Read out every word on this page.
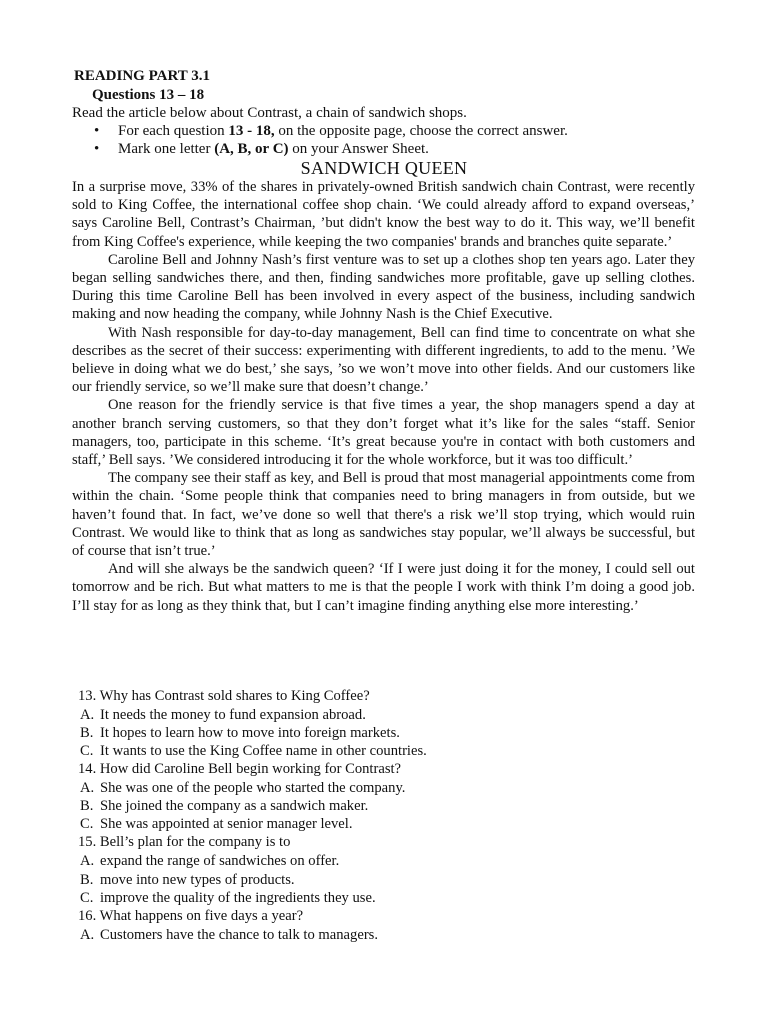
READING PART 3.1
Questions 13 – 18
Read the article below about Contrast, a chain of sandwich shops.
• For each question 13 - 18, on the opposite page, choose the correct answer.
• Mark one letter (A, B, or C) on your Answer Sheet.
SANDWICH QUEEN

In a surprise move, 33% of the shares in privately-owned British sandwich chain Contrast, were recently sold to King Coffee, the international coffee shop chain. ‘We could already afford to expand overseas,’ says Caroline Bell, Contrast’s Chairman, ’but didn't know the best way to do it. This way, we’ll benefit from King Coffee's experience, while keeping the two companies' brands and branches quite separate.’

Caroline Bell and Johnny Nash’s first venture was to set up a clothes shop ten years ago. Later they began selling sandwiches there, and then, finding sandwiches more profitable, gave up selling clothes. During this time Caroline Bell has been involved in every aspect of the business, including sandwich making and now heading the company, while Johnny Nash is the Chief Executive.

With Nash responsible for day-to-day management, Bell can find time to concentrate on what she describes as the secret of their success: experimenting with different ingredients, to add to the menu. ’We believe in doing what we do best,’ she says, ’so we won’t move into other fields. And our customers like our friendly service, so we’ll make sure that doesn’t change.’

One reason for the friendly service is that five times a year, the shop managers spend a day at another branch serving customers, so that they don’t forget what it’s like for the sales “staff. Senior managers, too, participate in this scheme. ‘It’s great because you're in contact with both customers and staff,’ Bell says. ’We considered introducing it for the whole workforce, but it was too difficult.’

The company see their staff as key, and Bell is proud that most managerial appointments come from within the chain. ‘Some people think that companies need to bring managers in from outside, but we haven’t found that. In fact, we’ve done so well that there's a risk we’ll stop trying, which would ruin Contrast. We would like to think that as long as sandwiches stay popular, we’ll always be successful, but of course that isn’t true.’

And will she always be the sandwich queen? ‘If I were just doing it for the money, I could sell out tomorrow and be rich. But what matters to me is that the people I work with think I’m doing a good job. I’ll stay for as long as they think that, but I can’t imagine finding anything else more interesting.’

13. Why has Contrast sold shares to King Coffee?
A. It needs the money to fund expansion abroad.
B. It hopes to learn how to move into foreign markets.
C. It wants to use the King Coffee name in other countries.
14. How did Caroline Bell begin working for Contrast?
A. She was one of the people who started the company.
B. She joined the company as a sandwich maker.
C. She was appointed at senior manager level.
15. Bell’s plan for the company is to
A. expand the range of sandwiches on offer.
B. move into new types of products.
C. improve the quality of the ingredients they use.
16. What happens on five days a year?
A. Customers have the chance to talk to managers.
